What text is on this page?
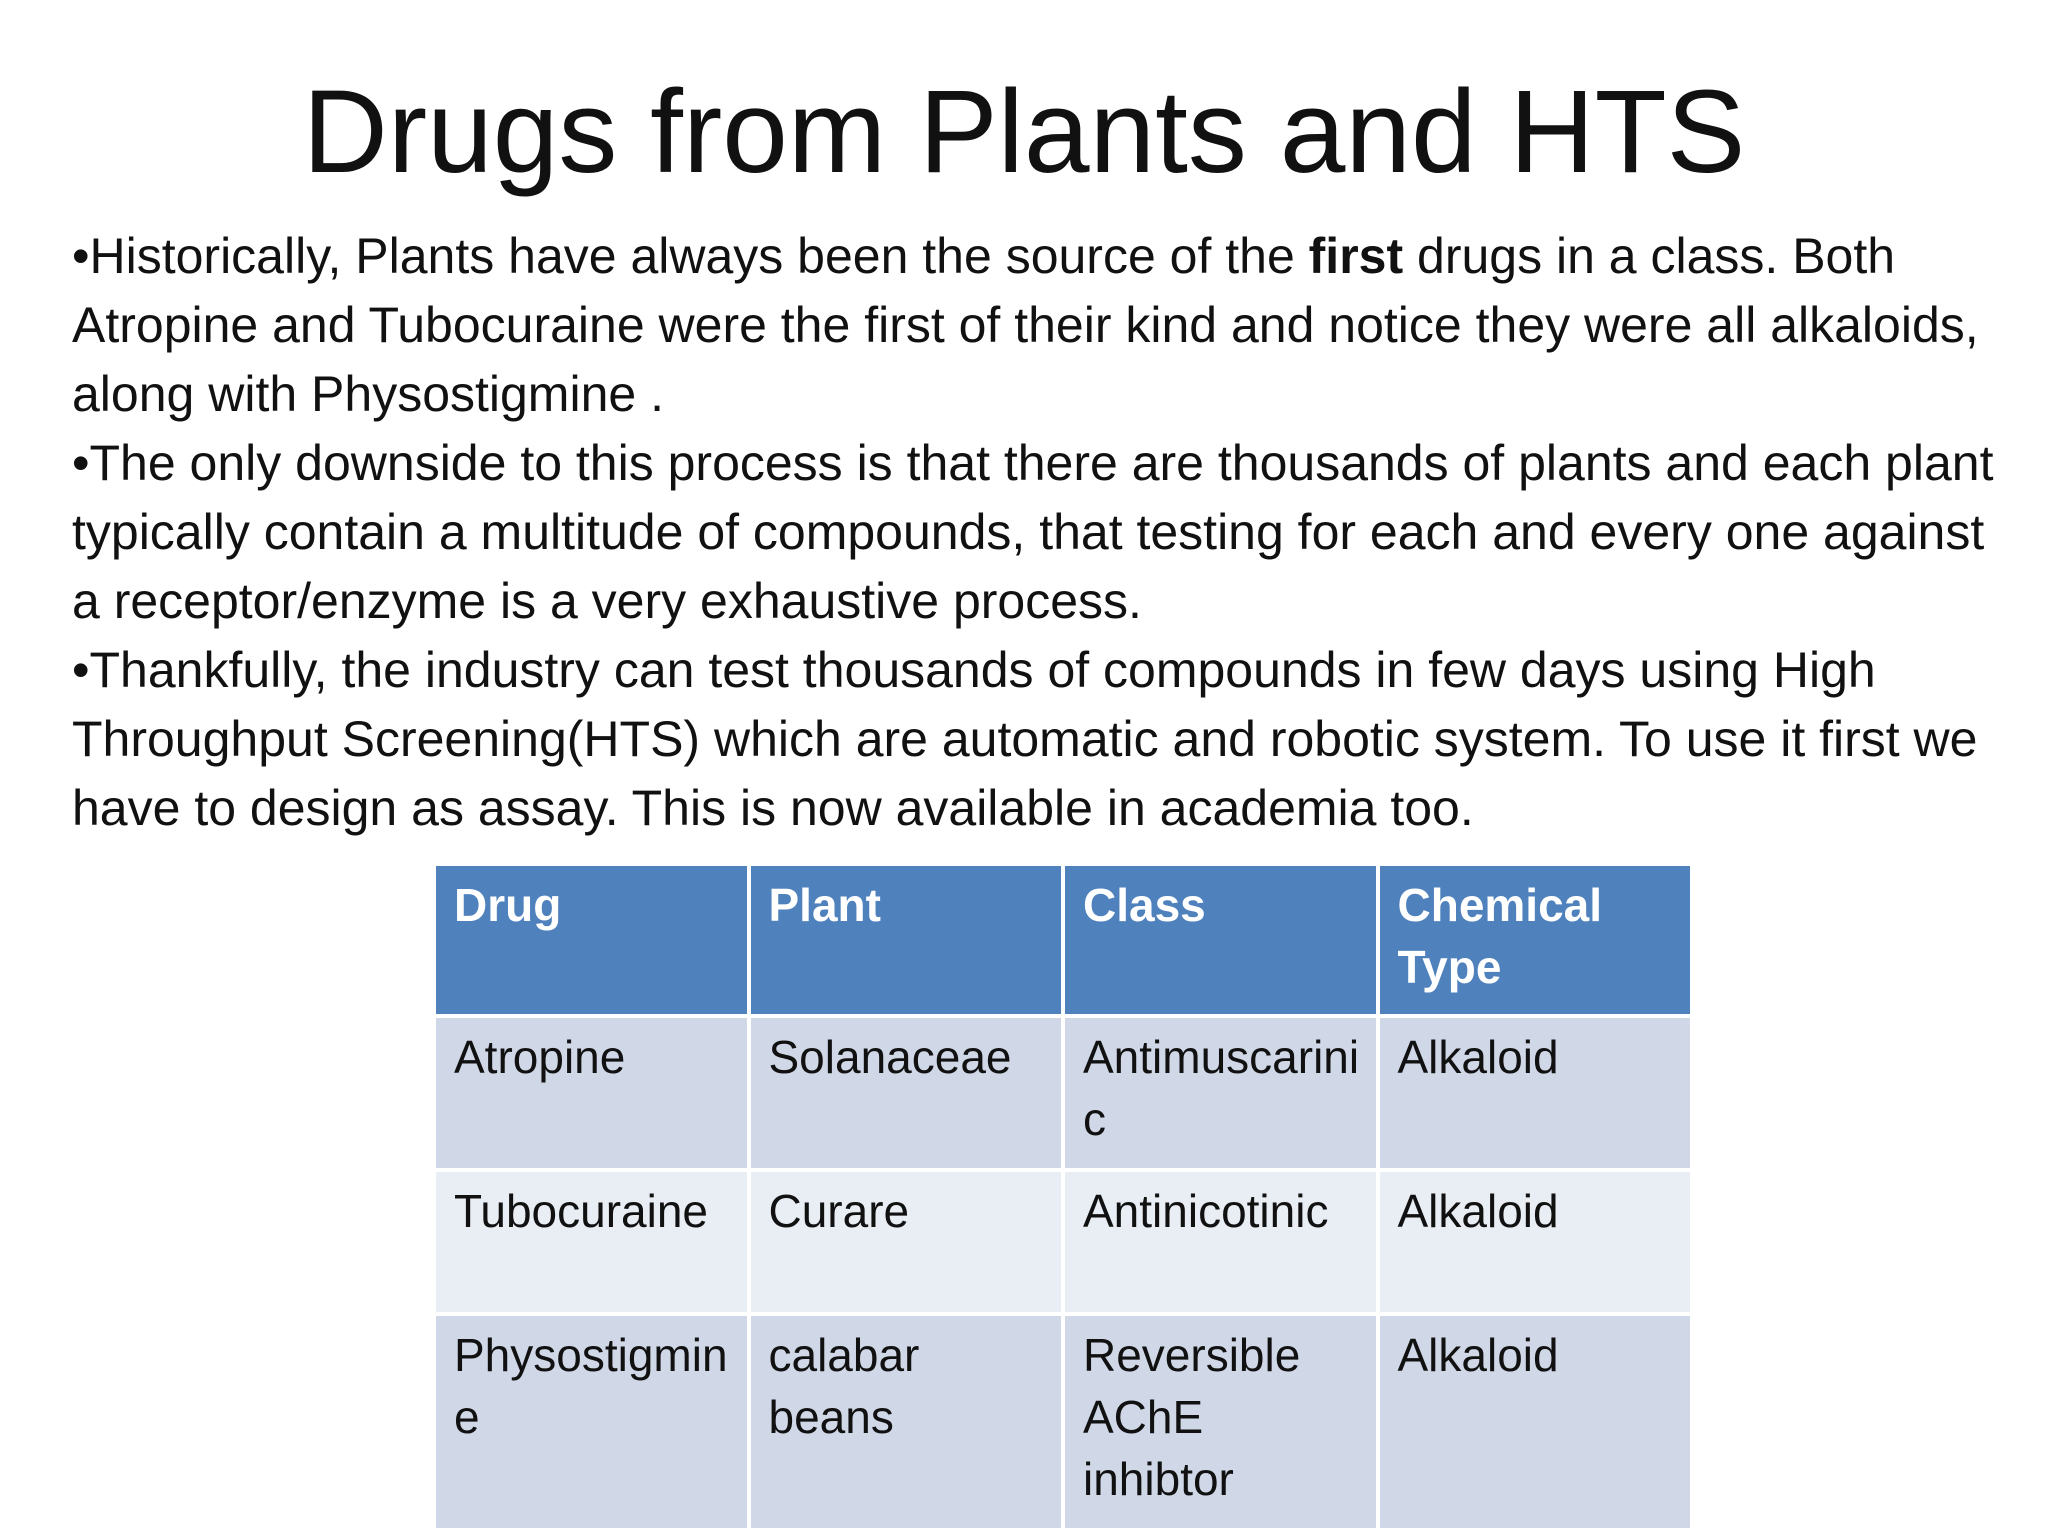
Drugs from Plants and HTS

•Historically, Plants have always been the source of the first drugs in a class. Both Atropine and Tubocuraine were the first of their kind and notice they were all alkaloids, along with Physostigmine .

•The only downside to this process is that there are thousands of plants and each plant typically contain a multitude of compounds, that testing for each and every one against a receptor/enzyme is a very exhaustive process.

•Thankfully, the industry can test thousands of compounds in few days using High Throughput Screening(HTS) which are automatic and robotic system. To use it first we have to design as assay. This is now available in academia too.

Drug	Plant	Class	Chemical Type

Atropine	Solanaceae	Antimuscarinic	Alkaloid

Tubocuraine	Curare	Antinicotinic	Alkaloid

Physostigmine	calabar beans	Reversible AChE inhibtor	Alkaloid
